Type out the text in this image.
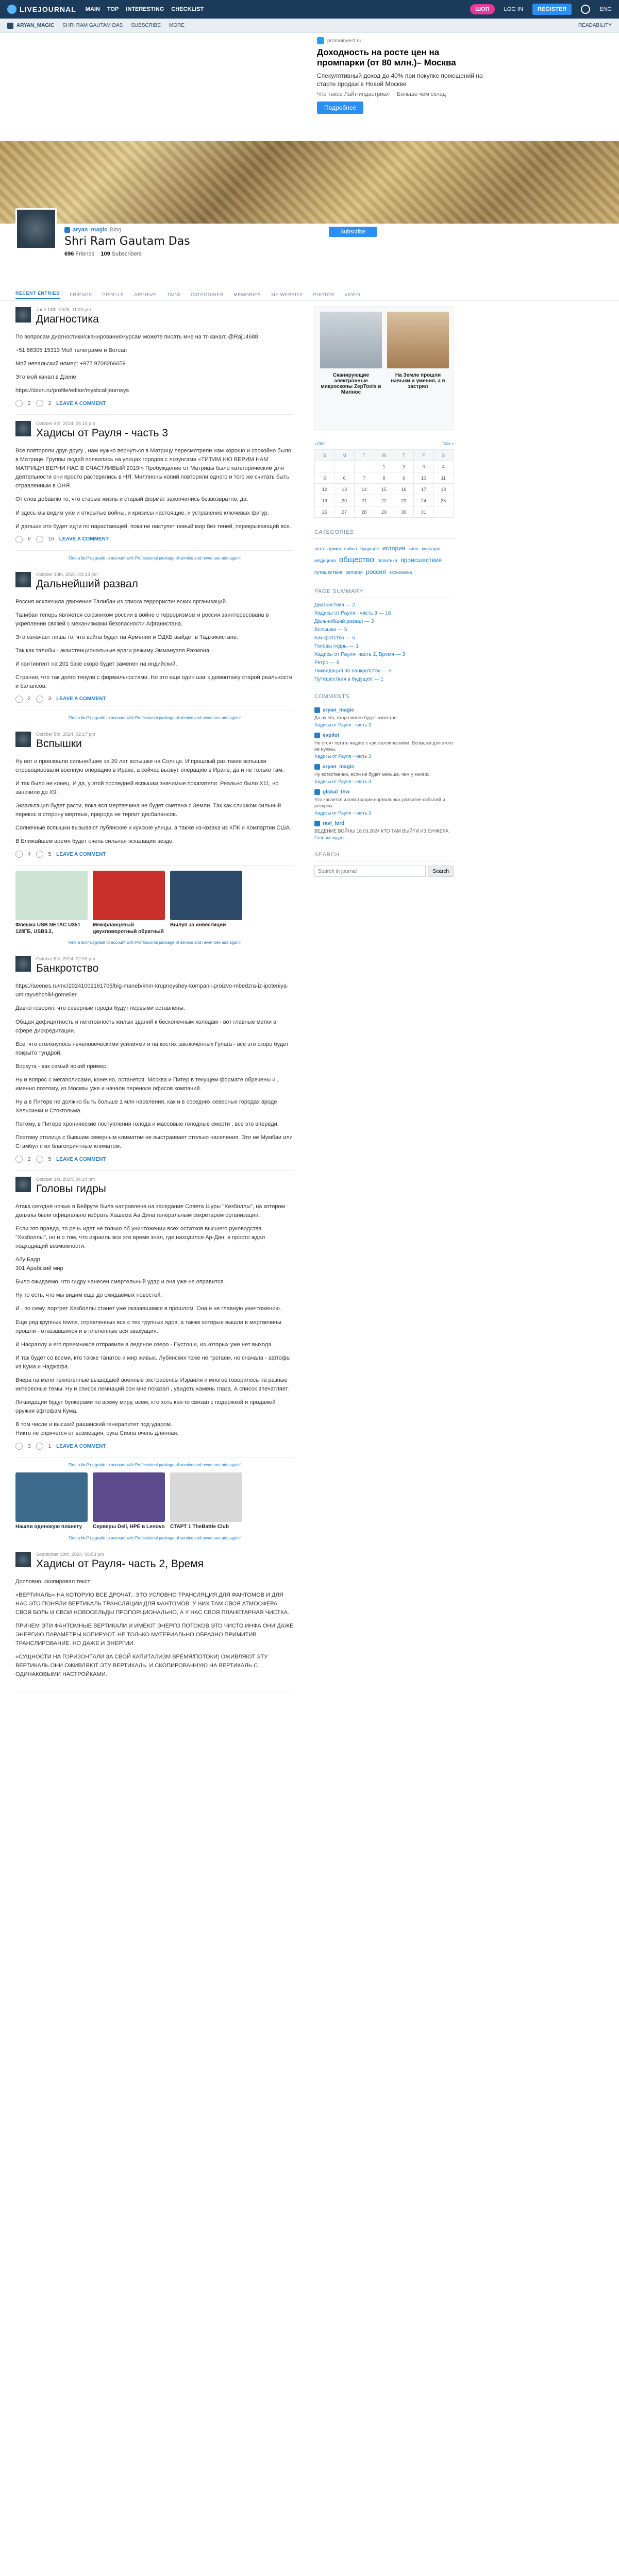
LIVEJOURNAL MAIN TOP INTERESTING CHECKLIST	ШОП	LOG IN	REGISTER	ENG
ARYAN_MAGIC SHRI RAM GAUTAM DAS SUBSCRIBE MORE	READABILITY
promoinvest.ru
Доходность на росте цен на промпарки (от 80 млн.)– Москва

Спекулятивный доход до 40% при покупке помещений на старте продаж в Новой Москве

Что такое Лайт-индастриал Больше чем склад
Подробнее
aryan_magic Blog
Shri Ram Gautam Das
696 Friends 109 Subscribers
Subscribe
RECENT ENTRIES FRIENDS PROFILE ARCHIVE TAGS CATEGORIES MEMORIES MY WEBSITE PHOTOS VIDEO
June 18th, 2026, 11:39 pm
Диагностика

По вопросам диагностики/сканирования/курсам можете писать мне на тг-канал: @Raj14688

+51 86305 15313 Мой телеграмм и Вотсап

Мой непальский номер: +977 9708266659

Это мой канал в Дзене

https://dzen.ru/profile/editor/mysticalljourneys

2	2 LEAVE A COMMENT
October 6th, 2024, 06:15 pm
Хадисы от Рауля - часть 3

Все повторяли друг-другу , нам нужно вернуться в Матрицу пересмотрели нам хорошо и спокойно было в Матрице. Группы людей появились на улицах городов с лозунгами «ТИТИМ НЮ ВЕРИМ НАМ МАТРИЦУ! ВЕРНИ НАС В СЧАСТЛИВЫЙ 2019!» Пробуждение от Матрицы было категорическим для деятельности они просто растерялись в НЯ. Миллионы копий повторяли одного и того же считать быть отравленным в ОНЯ.

От слов добавлю то, что старые жизнь и старый формат закончились безвозвратно, да.

И здесь мы видим уже и открытые войны, и кризисы настоящие, и устранение ключевых фигур.

И дальше это будет идти по нарастающей, пока не наступит новый мир без теней, перекрывающий все.

6	16 LEAVE A COMMENT
Find a bio? upgrade to account with Professional package of service and never see ads again!
October 10th, 2024, 03:13 pm
Дальнейший развал

Россия исключила движение Талибан из списка террористических организаций.

Талибан теперь является союзником россии в войне с терроризмом и россия заинтересована в укреплении связей с механизмами безопасности Афганистана.

Это означает лишь то, что война будет на Армении и ОДКБ выйдет в Таджикистане.

Так как талибы - экзистенциональные враги режиму Эммануэля Рахмона.

И контингент на 201 базе скоро будет заменен на индийский.

Странно, что так долго тянули с формальностями. Но это еще один шаг к демонтажу старой реальности и балансов.

2	3 LEAVE A COMMENT
Find a bio? upgrade to account with Professional package of service and never see ads again!
October 8th, 2024, 02:17 pm
Вспышки

Ну вот и произошли сильнейшие за 20 лет вспышки на Солнце. И прошлый раз такие вспышки спровоцировали военную операцию в Ираке, а сейчас вызвут операцию в Иране, да и не только там.

И так было не конец. И да, у этой последней вспышки значимые показатели. Реально было Х11, но занизили до Х9.

Экзальтация будет расти, пока вся мертвечина не будет сметена с Земли. Так как слишком сильный перекос в сторону мертвых, природа не терпит дисбалансов.

Солнечные вспышки вызывают лубянские и кухские улицы, а также из-козака из КПК и Компартии США.

В Ближайшем время будет очень сильная эскалация везде.

4	5 LEAVE A COMMENT
Флешка USB NETAC U351 128ГБ, USB3.2,
Межфланцевый двухповоротный обратный
Вылуп за инвестиции
Find a bio? upgrade to account with Professional package of service and never see ads again!
October 6th, 2024, 02:59 pm
Банкротство

https://aeenes.ru/mc/20241002161705/big-maneb/khm-krupneyshey-kompanii-proizvo-mbedzra-iz-ipoteniya-umirayushchiki-gomeiler

Давно говорил, что северные города будут первыми оставлены.

Общая дефицитность и неготовность жилых зданий к бесконечным холодам - вот главные метки в сфере дискредитации.

Все, что столкнулось нечеловеческими усилиями и на костях заключённых Гулага - все это скоро будет покрыто тундрой.

Воркута - как самый яркий пример.

Ну и вопрос с мегаполисами, конечно, останется. Москва и Питер в текущем формате обречены и , именно поэтому, из Москвы уже и начали переносе офисов компаний.

Ну а в Питере не должно быть больше 1 млн населения, как и в соседних северных городах вроде Хельсинки и Стокгольма.

Потому, в Питере хронические поступления голода и массовые голодные смерти , все это впереди.

Поэтому столица с бывшим северным климатом не выстраивает столько населения. Это не Мумбаи или Стамбул с их благоприятным климатом.

2	5 LEAVE A COMMENT
October 1st, 2024, 04:24 pm
Головы гидры

Атака сегодня ночью в Бейруте была направлена на заседание Совета Шуры "Хезболлы", на котором должны были официально избрать Хашема Аа Дина генеральным секретарем организации.

Если это правда, то речь идет не только об уничтожении всех остатков высшего руководства "Хезболлы", но и о том, что израиль все это время знал, где находился Ар-Дин, в просто ждал подходящий возможности.

Абу Бадр
301 Арабский мир

Было ожидаемо, что гидру нанесен смертельный удар и она уже не оправится.

Ну то есть, что мы видим еще до ожидаемых новостей.

И , по сему, портрет Хезболлы станет уже оказавшимся в прошлом. Она и не главную уничтожению.

Ещё ряд крупных towns, отравленных все с тех трупных ядов, а также которые вышли в мертвечины прошли - отказавшихся и в плененные вся эвакуация.

И Насраллу и его преемников отправили в ледяное озеро - Пустоши, из которых уже нет выхода.

И так будет со всеми, кто также танатос и мир живых. Лубянских тоже не трогаем, но сначала - афтофы из Кума и Наджафа.

Вчера на мели техногенные вышедшей военные экстрасенсы Израиля и многое говорилось на разные интересные темы. Ну и список лемнаций сон мне показал , увидеть камень глаза. А список впечатляет.

Ликвидации будут бункерами по всему миру, всем, кто хоть как-то связан с подержкой и продажей оружия афтофам Кума.

В том числе и высший рашанский генералитет под ударом.
Никто не спрячется от возмездия, рука Сиона очень длинная.

3	1 LEAVE A COMMENT
Find a bio? upgrade to account with Professional package of service and never see ads again!
Нашли одинокую планету	Серверы Dell, HPE в Lenovo СТАРТ 1 TheBattle Club
Find a bio? upgrade to account with Professional package of service and never see ads again!
September 30th, 2024, 06:53 pm
Хадисы от Рауля- часть 2, Время

Дословно, скопировал текст:

«ВЕРТИКАЛЬ» НА КОТОРУЮ ВСЕ ДРОЧАТ.. ЭТО УСЛОВНО ТРАНСЛЯЦИЯ ДЛЯ ФАНТОМОВ И ДЛЯ НАС ЭТО ПОНЯЛИ ВЕРТИКАЛЬ ТРАНСЛЯЦИИ ДЛЯ ФАНТОМОВ. У НИХ ТАМ СВОЯ АТМОСФЕРА СВОЯ БОЛЬ И СВОИ НОВОСЕЛЬДЫ ПРОПОРЦИОНАЛЬНО, А У НАС СВОЯ ПЛАНЕТАРНАЯ ЧИСТКА.

ПРИЧЕМ ЭТИ ФАНТОМНЫЕ ВЕРТИКАЛИ И ИМЕЮТ ЭНЕРГО ПОТОКОВ ЭТО ЧИСТО ИНФА ОНИ ДАЖЕ ЭНЕРГИЮ ПАРАМЕТРЫ КОПИРУЮТ. НЕ ТОЛЬКО МАТЕРИАЛЬНО ОБРАЗНО ПРИМИТИВ ТРАНСЛИРОВАНИЕ. НО ДАЖЕ И ЭНЕРГИИ.

«СУЩНОСТИ НА ГОРИЗОНТАЛИ ЗА СВОЙ КАПИТАЛИЗМ ВРЕМЯ/ПОТОКИ) ОЖИВЛЯЮТ ЭТУ ВЕРТИКАЛЬ ОНИ ОЖИВЛЯЮТ ЭТУ ВЕРТИКАЛЬ. И СКОПИРОВАННУЮ НА ВЕРТИКАЛЬ С ОДИНАКОВЫМИ НАСТРОЙКАМИ.

Сканирующие электронные микроскопы ZepTools в Милнос
На Земле прошли навыки и умения, а в застрял
‹ Oct	Nov ›
S	M	T	W	T	F	S
			1	2	3	4
5	6	7	8	9	10	11
12	13	14	15	16	17	18
19	20	21	22	23	24	25
26	27	28	29	30	31	
CATEGORIES
авто армия война будущее история кино культура медицина общество политика происшествия путешествия религия россия экономика
PAGE SUMMARY
Диагностика — 2
Хадисы от Рауля - часть 3 — 16
Дальнейший развал — 3
Вспышки — 5
Банкротство — 5
Головы гидры — 1
Хадисы от Рауля- часть 2, Время — 3
Ретро — 6
Ликвидация по банкротству — 5
Путешествия в будущее — 1
COMMENTS
aryan_magic
Да ну его, скоро много будет известно
Хадисы от Рауля - часть 3
evpilot
Не стоит путать индиго с кристаллическими. Вспышки для этого не нужны.
Хадисы от Рауля - часть 3
aryan_magic
Ну естественно, если не будет меньше, чем у многих.
Хадисы от Рауля - часть 3
global_thw
Что касается иллюстрации нормальных развитие событий и ресурсы.
Хадисы от Рауля - часть 3
ravl_lord
ВЕДЕНИЕ ВОЙНЫ 18.03.2024 КТО ТАМ ВЫЙТИ ИЗ БУНКЕРА.
Головы гидры
SEARCH
Search in journal
Search
